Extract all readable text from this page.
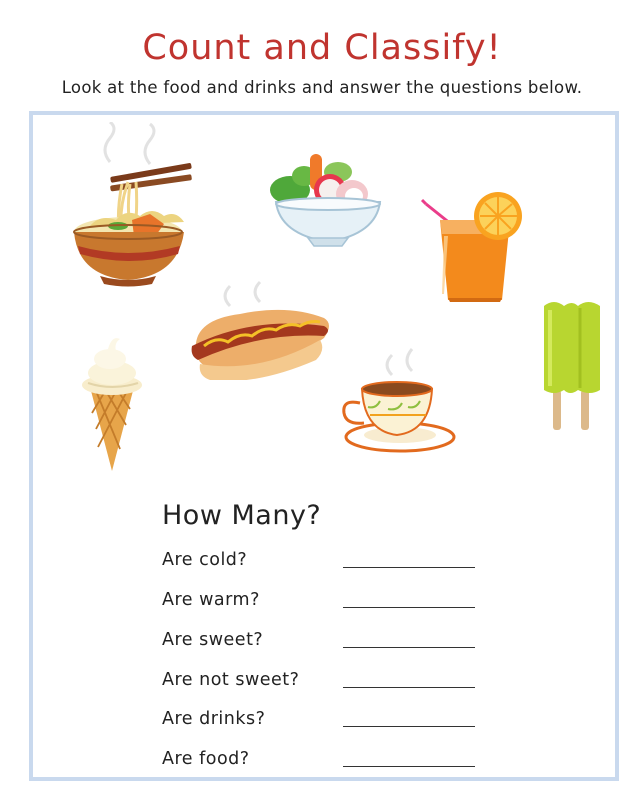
Count and Classify!

Look at the food and drinks and answer the questions below.

How Many?
Are cold?
Are warm?
Are sweet?
Are not sweet?
Are drinks?
Are food?
